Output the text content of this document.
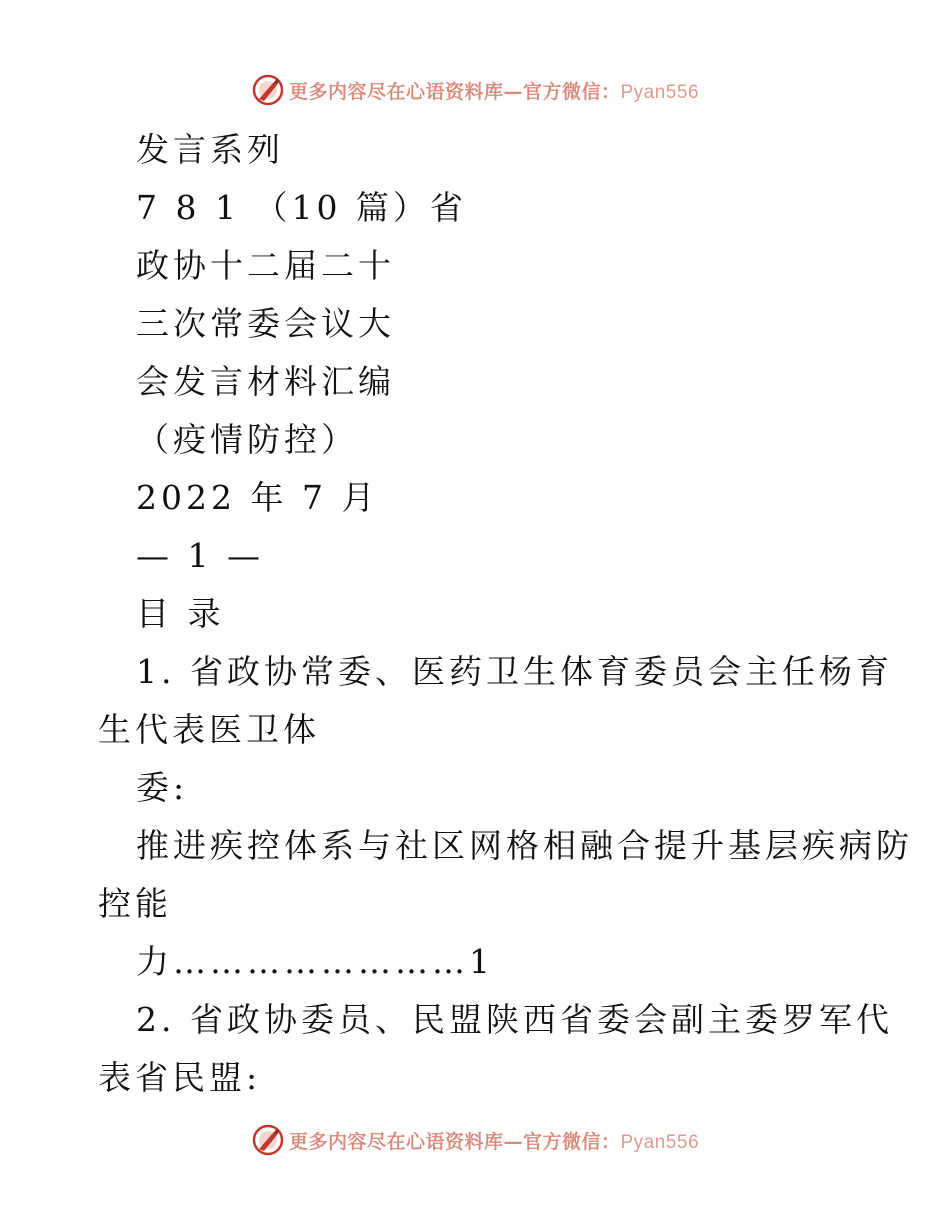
更多内容尽在心语资料库—官方微信：Pyan556
发言系列
7 8 1 （10 篇）省
政协十二届二十
三次常委会议大
会发言材料汇编
（疫情防控）
2022 年 7 月
— 1 —
目 录
1. 省政协常委、医药卫生体育委员会主任杨育
生代表医卫体
委:
推进疾控体系与社区网格相融合提升基层疾病防
控能
力……………………1
2. 省政协委员、民盟陕西省委会副主委罗军代
表省民盟:
更多内容尽在心语资料库—官方微信：Pyan556
